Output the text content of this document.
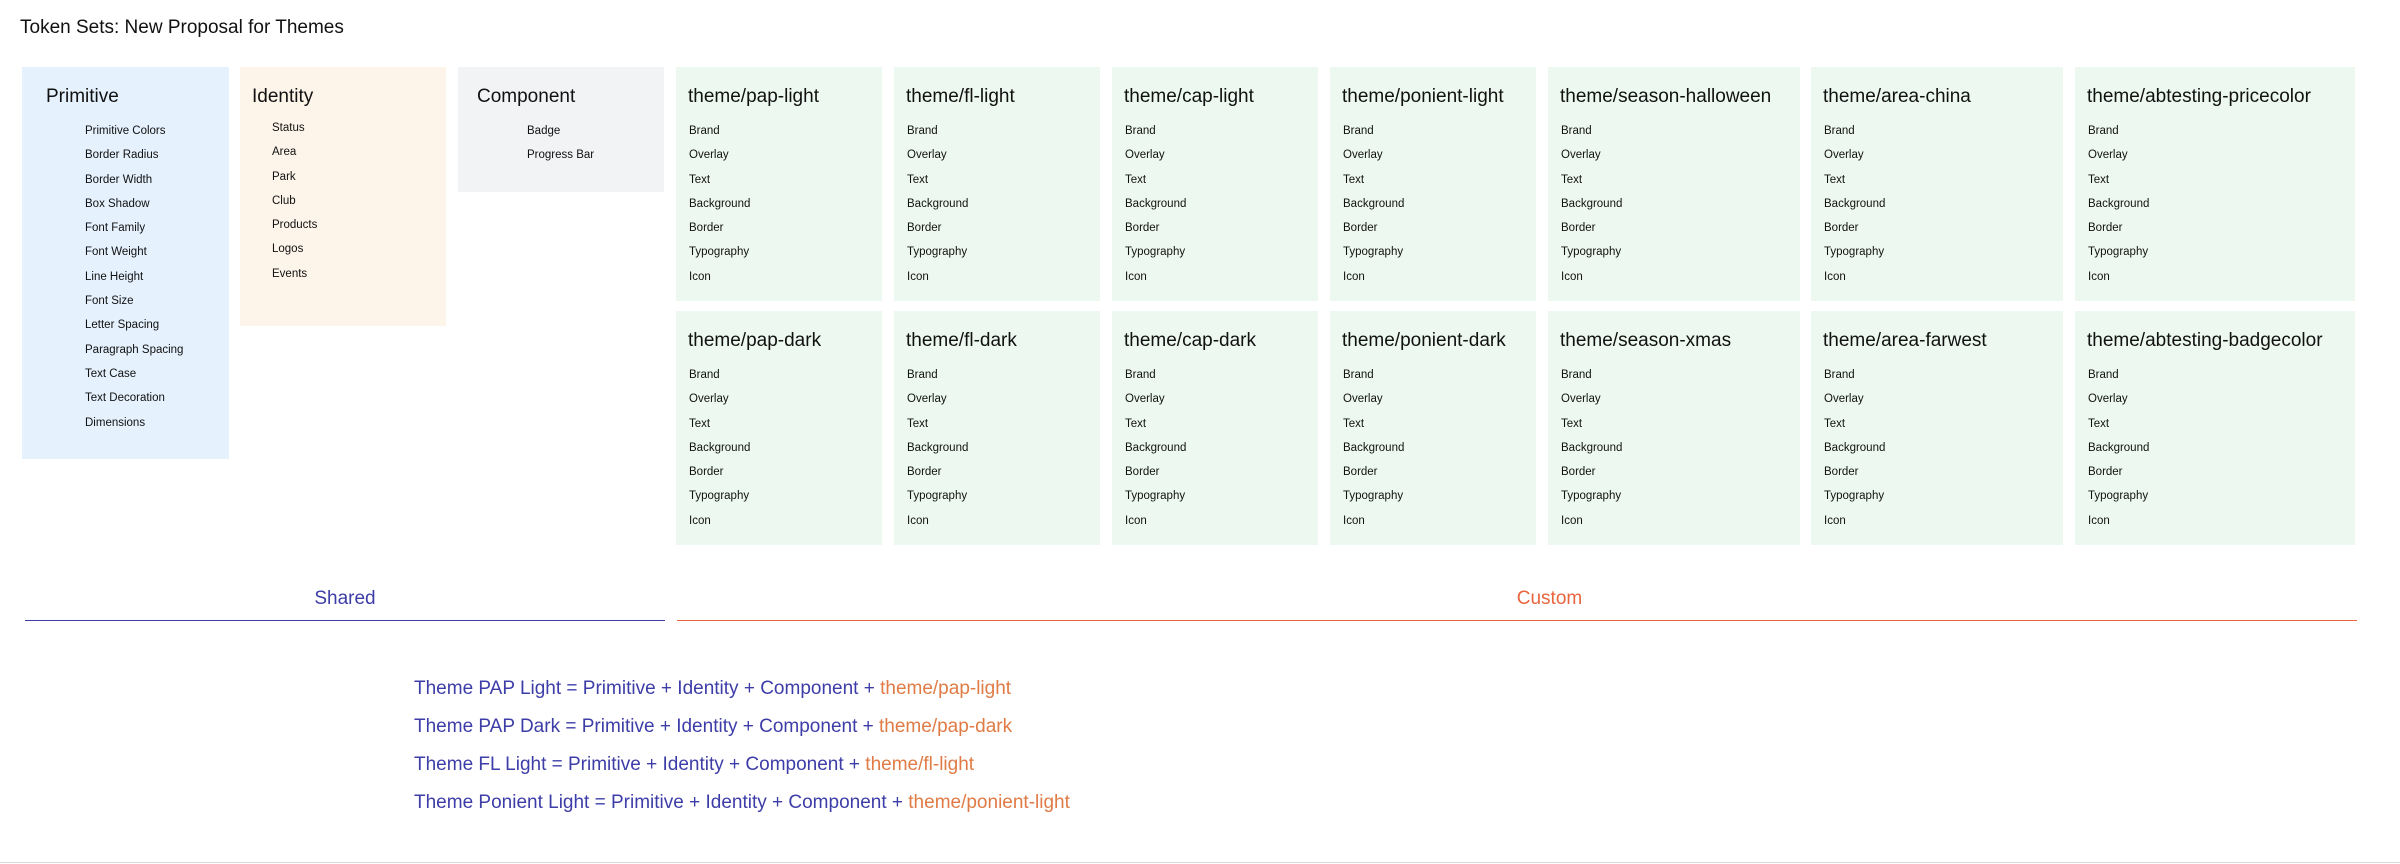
Token Sets: New Proposal for Themes
Primitive
Primitive Colors
Border Radius
Border Width
Box Shadow
Font Family
Font Weight
Line Height
Font Size
Letter Spacing
Paragraph Spacing
Text Case
Text Decoration
Dimensions
Identity
Status
Area
Park
Club
Products
Logos
Events
Component
Badge
Progress Bar
theme/pap-light
Brand
Overlay
Text
Background
Border
Typography
Icon
theme/fl-light
Brand
Overlay
Text
Background
Border
Typography
Icon
theme/cap-light
Brand
Overlay
Text
Background
Border
Typography
Icon
theme/ponient-light
Brand
Overlay
Text
Background
Border
Typography
Icon
theme/season-halloween
Brand
Overlay
Text
Background
Border
Typography
Icon
theme/area-china
Brand
Overlay
Text
Background
Border
Typography
Icon
theme/abtesting-pricecolor
Brand
Overlay
Text
Background
Border
Typography
Icon
theme/pap-dark
Brand
Overlay
Text
Background
Border
Typography
Icon
theme/fl-dark
Brand
Overlay
Text
Background
Border
Typography
Icon
theme/cap-dark
Brand
Overlay
Text
Background
Border
Typography
Icon
theme/ponient-dark
Brand
Overlay
Text
Background
Border
Typography
Icon
theme/season-xmas
Brand
Overlay
Text
Background
Border
Typography
Icon
theme/area-farwest
Brand
Overlay
Text
Background
Border
Typography
Icon
theme/abtesting-badgecolor
Brand
Overlay
Text
Background
Border
Typography
Icon
Shared	Custom
Theme PAP Light = Primitive + Identity + Component + theme/pap-light
Theme PAP Dark = Primitive + Identity + Component + theme/pap-dark
Theme FL Light = Primitive + Identity + Component + theme/fl-light
Theme Ponient Light = Primitive + Identity + Component + theme/ponient-light
